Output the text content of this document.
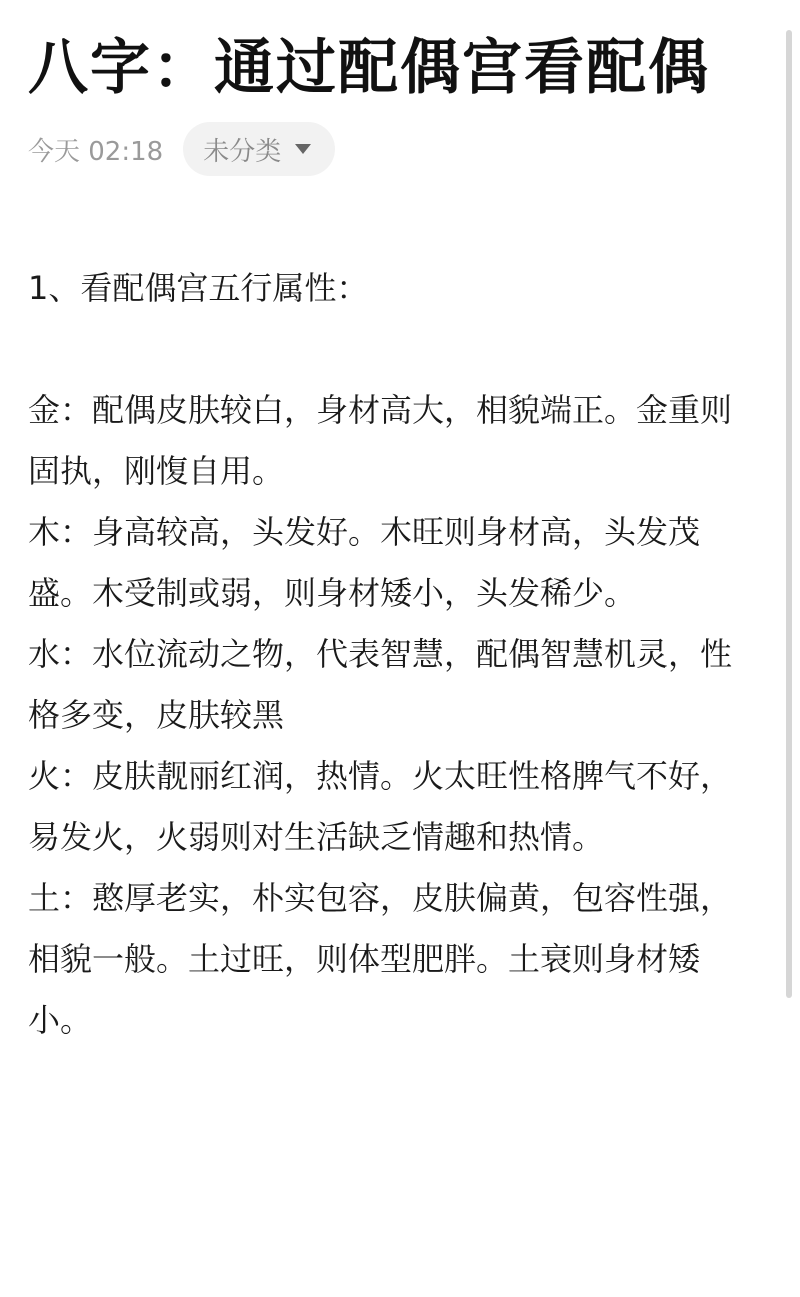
八字：通过配偶宫看配偶
今天 02:18 未分类

1、看配偶宫五行属性：

金：配偶皮肤较白，身材高大，相貌端正。金重则固执，刚愎自用。

木：身高较高，头发好。木旺则身材高，头发茂盛。木受制或弱，则身材矮小，头发稀少。

水：水位流动之物，代表智慧，配偶智慧机灵，性格多变，皮肤较黑

火：皮肤靓丽红润，热情。火太旺性格脾气不好，易发火，火弱则对生活缺乏情趣和热情。

土：憨厚老实，朴实包容，皮肤偏黄，包容性强，相貌一般。土过旺，则体型肥胖。土衰则身材矮小。
